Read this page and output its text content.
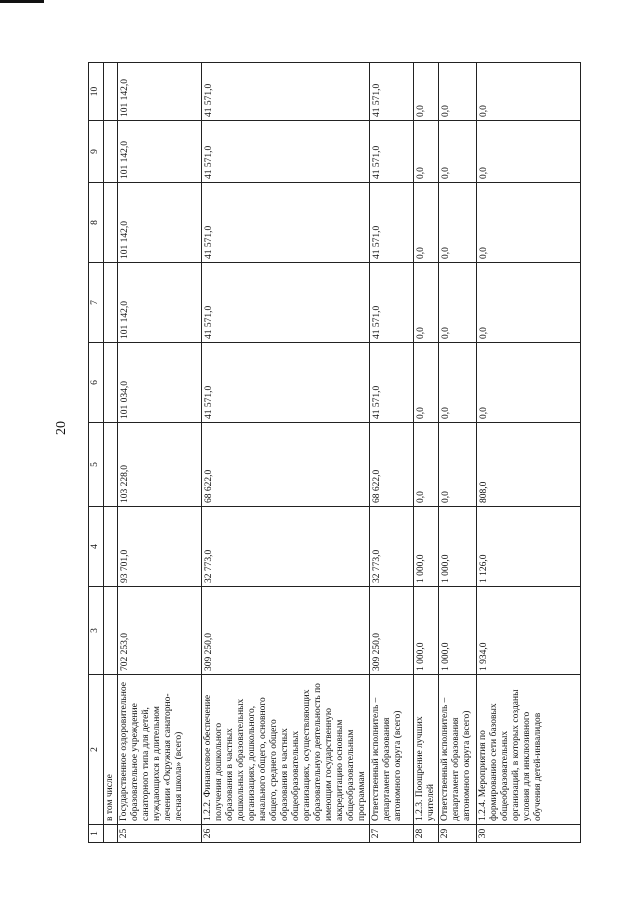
20
1	2	3	4	5	6	7	8	9	10
	в том числе								
25	Государственное оздоровительное образовательное учреждение санаторного типа для детей, нуждающихся в длительном лечении «Окружная санаторно-лесная школа» (всего)	702 253,0	93 701,0	103 228,0	101 034,0	101 142,0	101 142,0	101 142,0	101 142,0
26	1.2.2. Финансовое обеспечение получения дошкольного образования в частных дошкольных образовательных организациях, дошкольного, начального общего, основного общего, среднего общего образования в частных общеобразовательных организациях, осуществляющих образовательную деятельность по имеющим государственную аккредитацию основным общеобразовательным программам	309 250,0	32 773,0	68 622,0	41 571,0	41 571,0	41 571,0	41 571,0	41 571,0
27	Ответственный исполнитель – департамент образования автономного округа (всего)	309 250,0	32 773,0	68 622,0	41 571,0	41 571,0	41 571,0	41 571,0	41 571,0
28	1.2.3. Поощрение лучших учителей	1 000,0	1 000,0	0,0	0,0	0,0	0,0	0,0	0,0
29	Ответственный исполнитель – департамент образования автономного округа (всего)	1 000,0	1 000,0	0,0	0,0	0,0	0,0	0,0	0,0
30	1.2.4. Мероприятия по формированию сети базовых общеобразовательных организаций, в которых созданы условия для инклюзивного обучения детей-инвалидов	1 934,0	1 126,0	808,0	0,0	0,0	0,0	0,0	0,0
